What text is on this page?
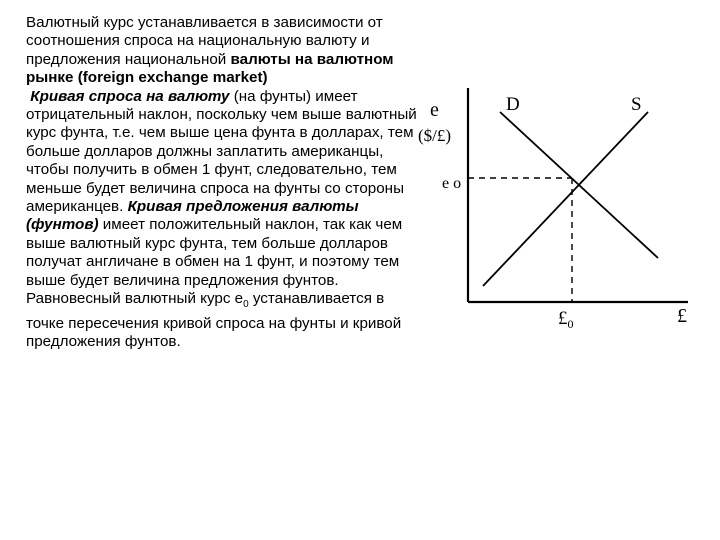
Валютный курс устанавливается в зависимости от соотношения спроса на национальную валюту и предложения национальной валюты на валютном рынке (foreign exchange market)

Кривая спроса на валюту (на фунты) имеет отрицательный наклон, поскольку чем выше валютный курс фунта, т.е. чем выше цена фунта в долларах, тем больше долларов должны заплатить американцы, чтобы получить в обмен 1 фунт, следовательно, тем меньше будет величина спроса на фунты со стороны американцев. Кривая предложения валюты (фунтов) имеет положительный наклон, так как чем выше валютный курс фунта, тем больше долларов получат англичане в обмен на 1 фунт, и поэтому тем выше будет величина предложения фунтов. Равновесный валютный курс $e_0$ устанавливается в точке пересечения кривой спроса на фунты и кривой предложения фунтов.

e
($/£)
e o
D	S
£
$£_0$
